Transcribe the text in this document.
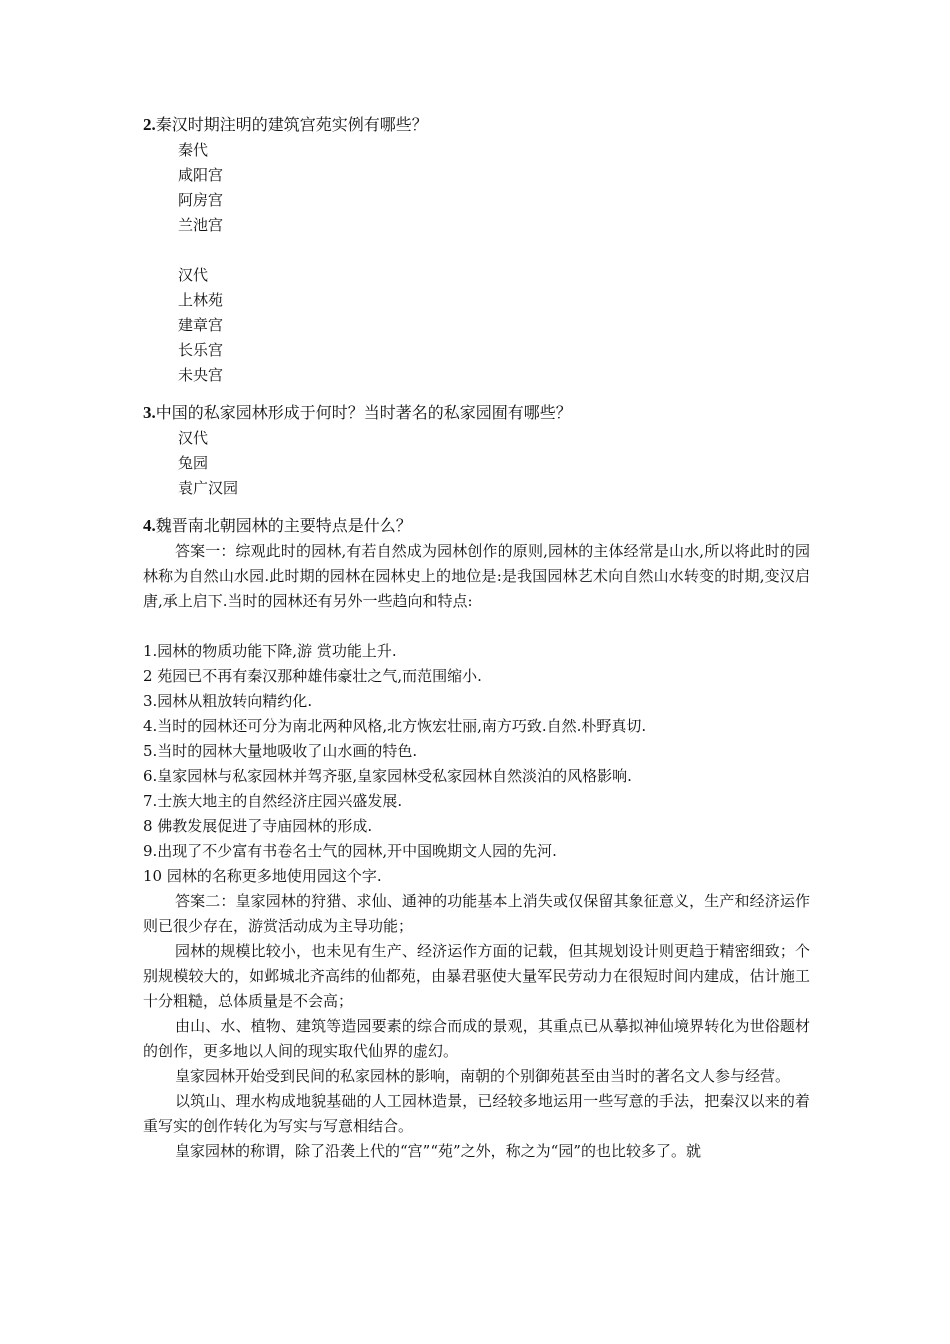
2.秦汉时期注明的建筑宫苑实例有哪些？
秦代
咸阳宫
阿房宫
兰池宫
汉代
上林苑
建章宫
长乐宫
未央宫
3.中国的私家园林形成于何时？当时著名的私家园囿有哪些？
汉代
兔园
袁广汉园
4.魏晋南北朝园林的主要特点是什么？

答案一：综观此时的园林,有若自然成为园林创作的原则,园林的主体经常是山水,所以将此时的园林称为自然山水园.此时期的园林在园林史上的地位是:是我国园林艺术向自然山水转变的时期,变汉启唐,承上启下.当时的园林还有另外一些趋向和特点:

1.园林的物质功能下降,游 赏功能上升.
2 苑园已不再有秦汉那种雄伟豪壮之气,而范围缩小.
3.园林从粗放转向精约化.
4.当时的园林还可分为南北两种风格,北方恢宏壮丽,南方巧致.自然.朴野真切.
5.当时的园林大量地吸收了山水画的特色.
6.皇家园林与私家园林并驾齐驱,皇家园林受私家园林自然淡泊的风格影响.
7.士族大地主的自然经济庄园兴盛发展.
8 佛教发展促进了寺庙园林的形成.
9.出现了不少富有书卷名士气的园林,开中国晚期文人园的先河.
10 园林的名称更多地使用园这个字.

答案二：皇家园林的狩猎、求仙、通神的功能基本上消失或仅保留其象征意义，生产和经济运作则已很少存在，游赏活动成为主导功能；

园林的规模比较小，也未见有生产、经济运作方面的记载，但其规划设计则更趋于精密细致；个别规模较大的，如邺城北齐高纬的仙都苑，由暴君驱使大量军民劳动力在很短时间内建成，估计施工十分粗糙，总体质量是不会高；

由山、水、植物、建筑等造园要素的综合而成的景观，其重点已从摹拟神仙境界转化为世俗题材的创作，更多地以人间的现实取代仙界的虚幻。

皇家园林开始受到民间的私家园林的影响，南朝的个别御苑甚至由当时的著名文人参与经营。

以筑山、理水构成地貌基础的人工园林造景，已经较多地运用一些写意的手法，把秦汉以来的着重写实的创作转化为写实与写意相结合。

皇家园林的称谓，除了沿袭上代的“宫”“苑”之外，称之为“园”的也比较多了。就
